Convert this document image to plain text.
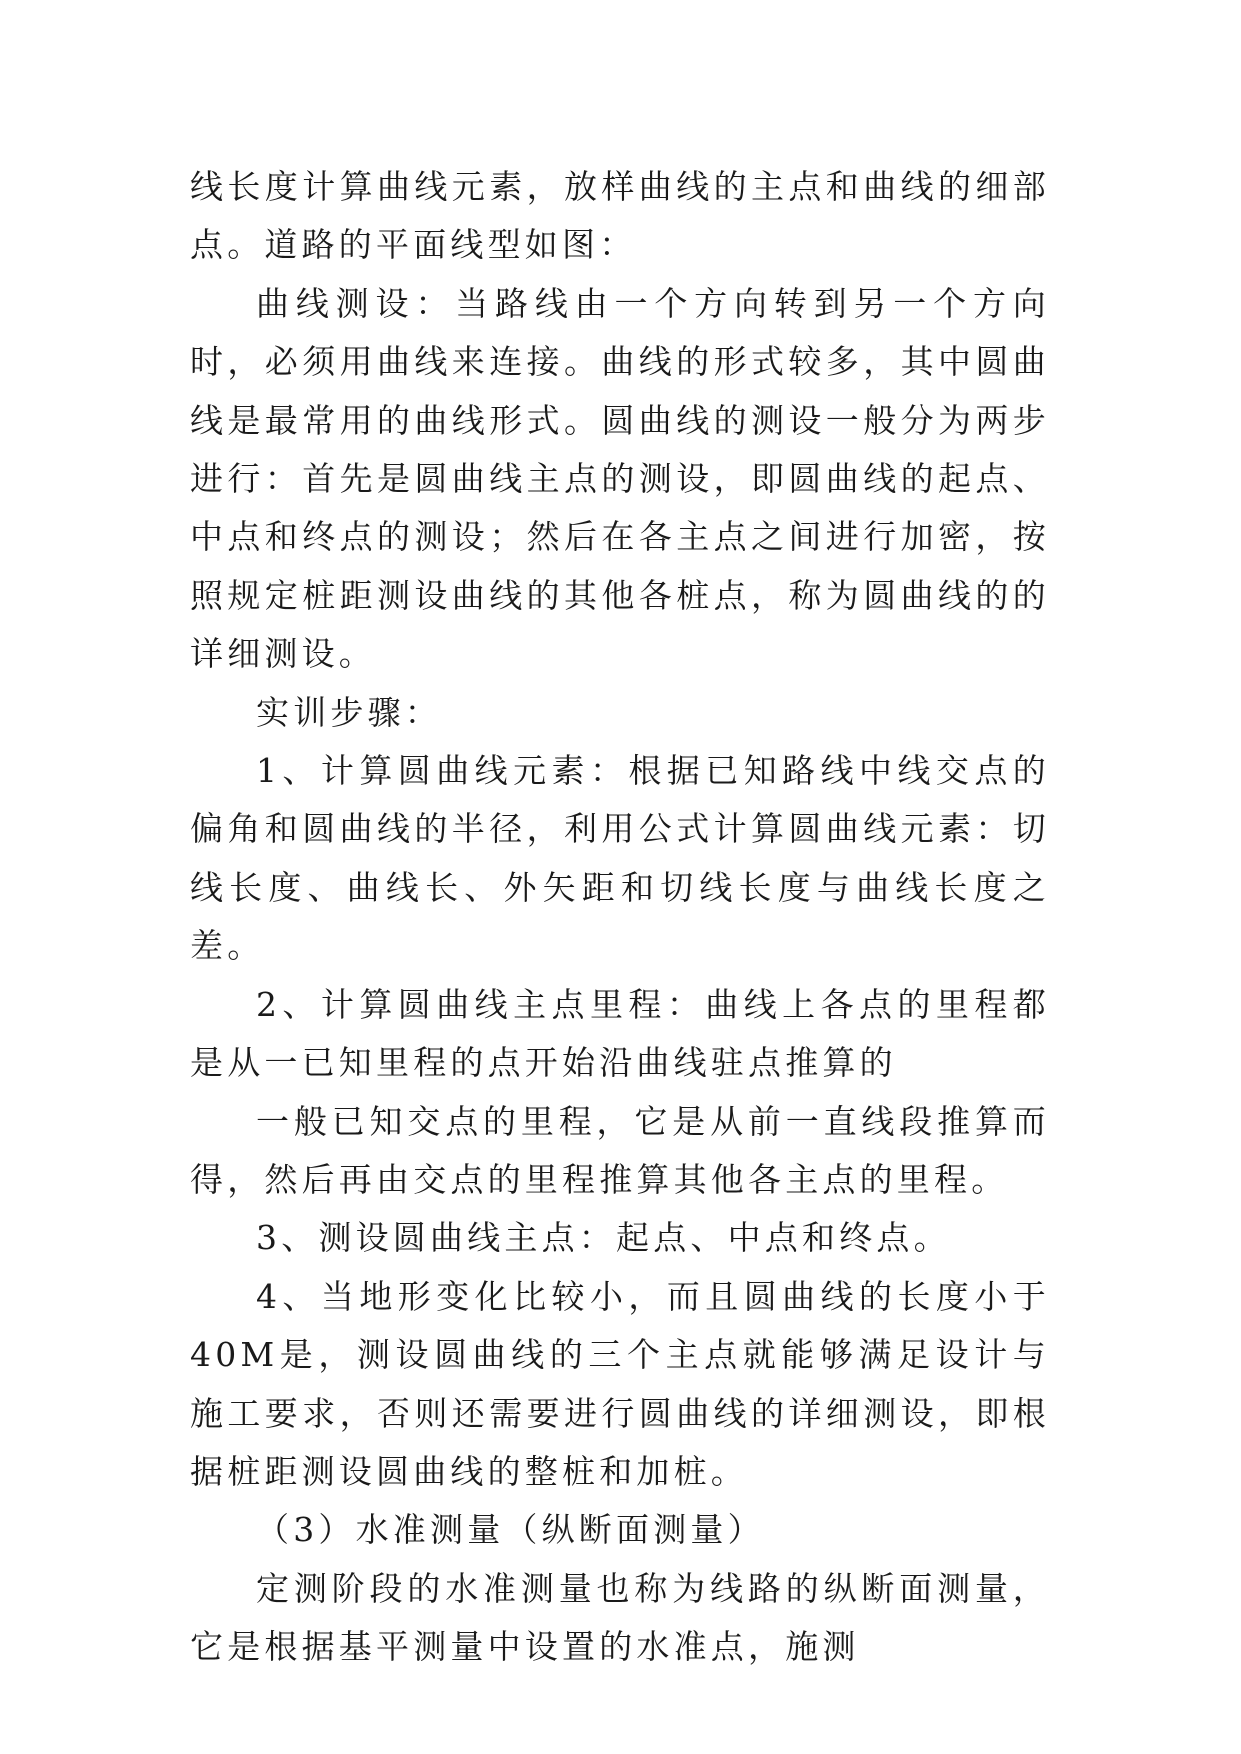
线长度计算曲线元素，放样曲线的主点和曲线的细部点。道路的平面线型如图：

曲线测设：当路线由一个方向转到另一个方向时，必须用曲线来连接。曲线的形式较多，其中圆曲线是最常用的曲线形式。圆曲线的测设一般分为两步进行：首先是圆曲线主点的测设，即圆曲线的起点、中点和终点的测设；然后在各主点之间进行加密，按照规定桩距测设曲线的其他各桩点，称为圆曲线的的详细测设。

实训步骤：

1、计算圆曲线元素：根据已知路线中线交点的偏角和圆曲线的半径，利用公式计算圆曲线元素：切线长度、曲线长、外矢距和切线长度与曲线长度之差。

2、计算圆曲线主点里程：曲线上各点的里程都是从一已知里程的点开始沿曲线驻点推算的

一般已知交点的里程，它是从前一直线段推算而得，然后再由交点的里程推算其他各主点的里程。

3、测设圆曲线主点：起点、中点和终点。

4、当地形变化比较小，而且圆曲线的长度小于40M是，测设圆曲线的三个主点就能够满足设计与施工要求，否则还需要进行圆曲线的详细测设，即根据桩距测设圆曲线的整桩和加桩。

（3）水准测量（纵断面测量）

定测阶段的水准测量也称为线路的纵断面测量，它是根据基平测量中设置的水准点，施测
